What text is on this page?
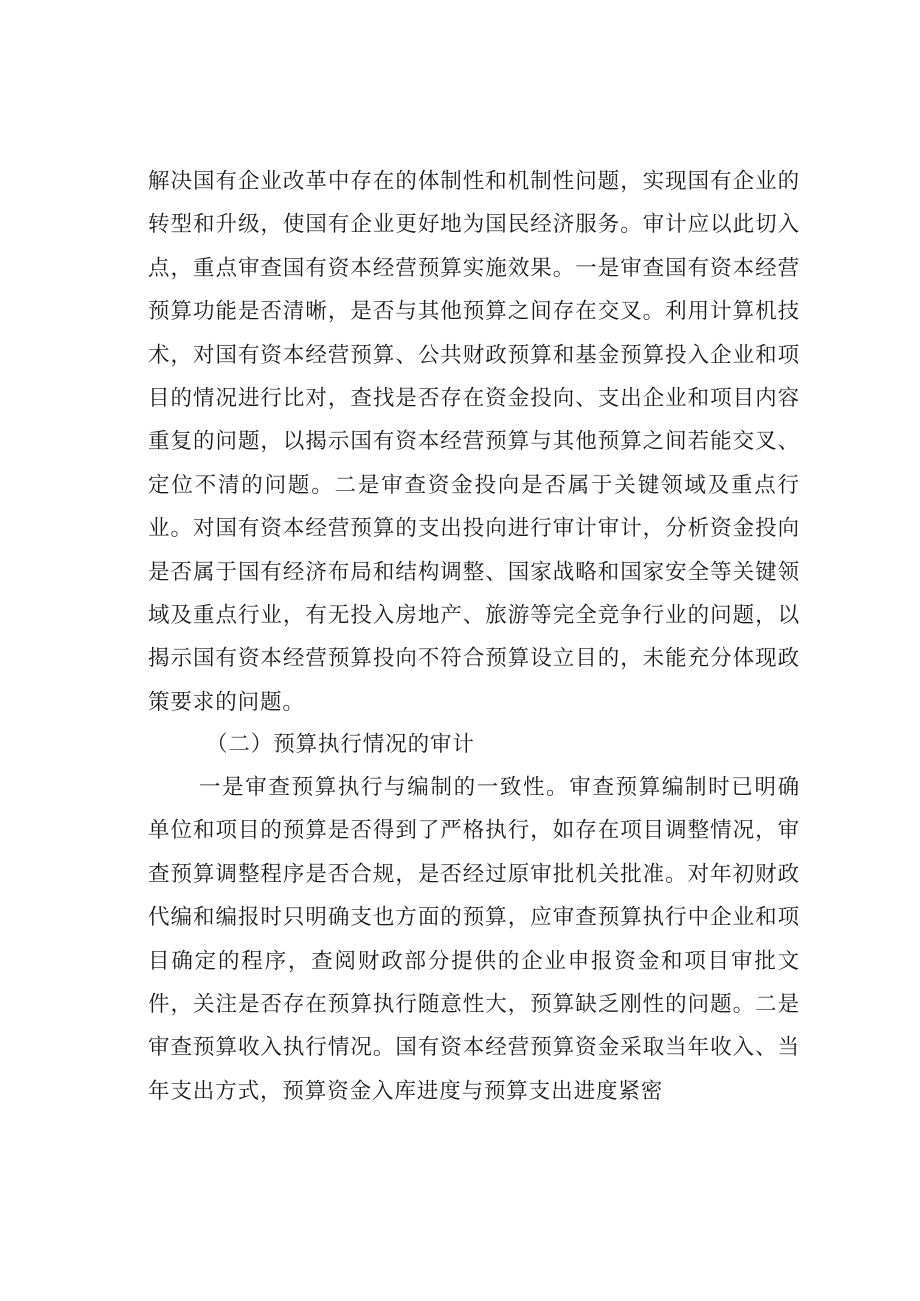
解决国有企业改革中存在的体制性和机制性问题，实现国有企业的转型和升级，使国有企业更好地为国民经济服务。审计应以此切入点，重点审查国有资本经营预算实施效果。一是审查国有资本经营预算功能是否清晰，是否与其他预算之间存在交叉。利用计算机技术，对国有资本经营预算、公共财政预算和基金预算投入企业和项目的情况进行比对，查找是否存在资金投向、支出企业和项目内容重复的问题，以揭示国有资本经营预算与其他预算之间若能交叉、定位不清的问题。二是审查资金投向是否属于关键领域及重点行业。对国有资本经营预算的支出投向进行审计审计，分析资金投向是否属于国有经济布局和结构调整、国家战略和国家安全等关键领域及重点行业，有无投入房地产、旅游等完全竞争行业的问题，以揭示国有资本经营预算投向不符合预算设立目的，未能充分体现政策要求的问题。

（二）预算执行情况的审计

一是审查预算执行与编制的一致性。审查预算编制时已明确单位和项目的预算是否得到了严格执行，如存在项目调整情况，审查预算调整程序是否合规，是否经过原审批机关批准。对年初财政代编和编报时只明确支也方面的预算，应审查预算执行中企业和项目确定的程序，查阅财政部分提供的企业申报资金和项目审批文件，关注是否存在预算执行随意性大，预算缺乏刚性的问题。二是审查预算收入执行情况。国有资本经营预算资金采取当年收入、当年支出方式，预算资金入库进度与预算支出进度紧密
